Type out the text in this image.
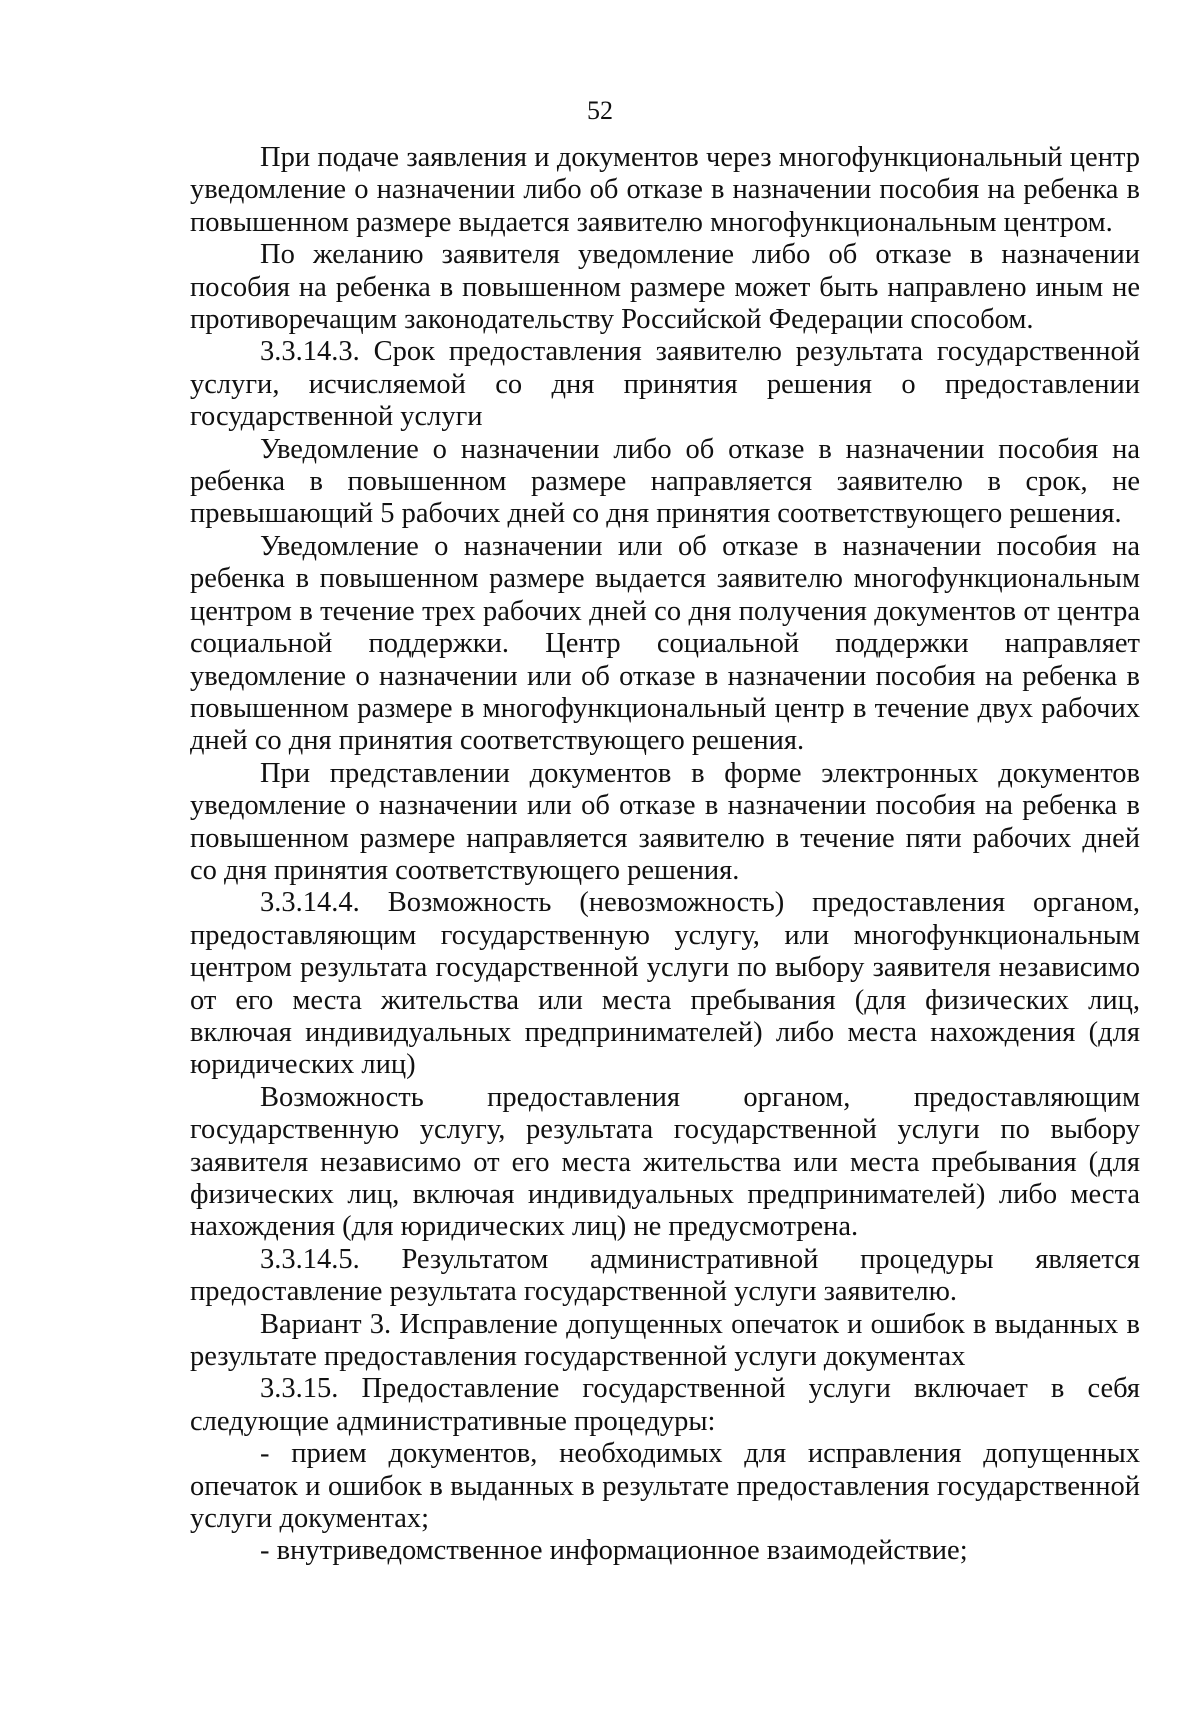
52

При подаче заявления и документов через многофункциональный центр уведомление о назначении либо об отказе в назначении пособия на ребенка в повышенном размере выдается заявителю многофункциональным центром.

По желанию заявителя уведомление либо об отказе в назначении пособия на ребенка в повышенном размере может быть направлено иным не противоречащим законодательству Российской Федерации способом.

3.3.14.3. Срок предоставления заявителю результата государственной услуги, исчисляемой со дня принятия решения о предоставлении государственной услуги

Уведомление о назначении либо об отказе в назначении пособия на ребенка в повышенном размере направляется заявителю в срок, не превышающий 5 рабочих дней со дня принятия соответствующего решения.

Уведомление о назначении или об отказе в назначении пособия на ребенка в повышенном размере выдается заявителю многофункциональным центром в течение трех рабочих дней со дня получения документов от центра социальной поддержки. Центр социальной поддержки направляет уведомление о назначении или об отказе в назначении пособия на ребенка в повышенном размере в многофункциональный центр в течение двух рабочих дней со дня принятия соответствующего решения.

При представлении документов в форме электронных документов уведомление о назначении или об отказе в назначении пособия на ребенка в повышенном размере направляется заявителю в течение пяти рабочих дней со дня принятия соответствующего решения.

3.3.14.4. Возможность (невозможность) предоставления органом, предоставляющим государственную услугу, или многофункциональным центром результата государственной услуги по выбору заявителя независимо от его места жительства или места пребывания (для физических лиц, включая индивидуальных предпринимателей) либо места нахождения (для юридических лиц)

Возможность предоставления органом, предоставляющим государственную услугу, результата государственной услуги по выбору заявителя независимо от его места жительства или места пребывания (для физических лиц, включая индивидуальных предпринимателей) либо места нахождения (для юридических лиц) не предусмотрена.

3.3.14.5. Результатом административной процедуры является предоставление результата государственной услуги заявителю.

Вариант 3. Исправление допущенных опечаток и ошибок в выданных в результате предоставления государственной услуги документах

3.3.15. Предоставление государственной услуги включает в себя следующие административные процедуры:

- прием документов, необходимых для исправления допущенных опечаток и ошибок в выданных в результате предоставления государственной услуги документах;

- внутриведомственное информационное взаимодействие;
